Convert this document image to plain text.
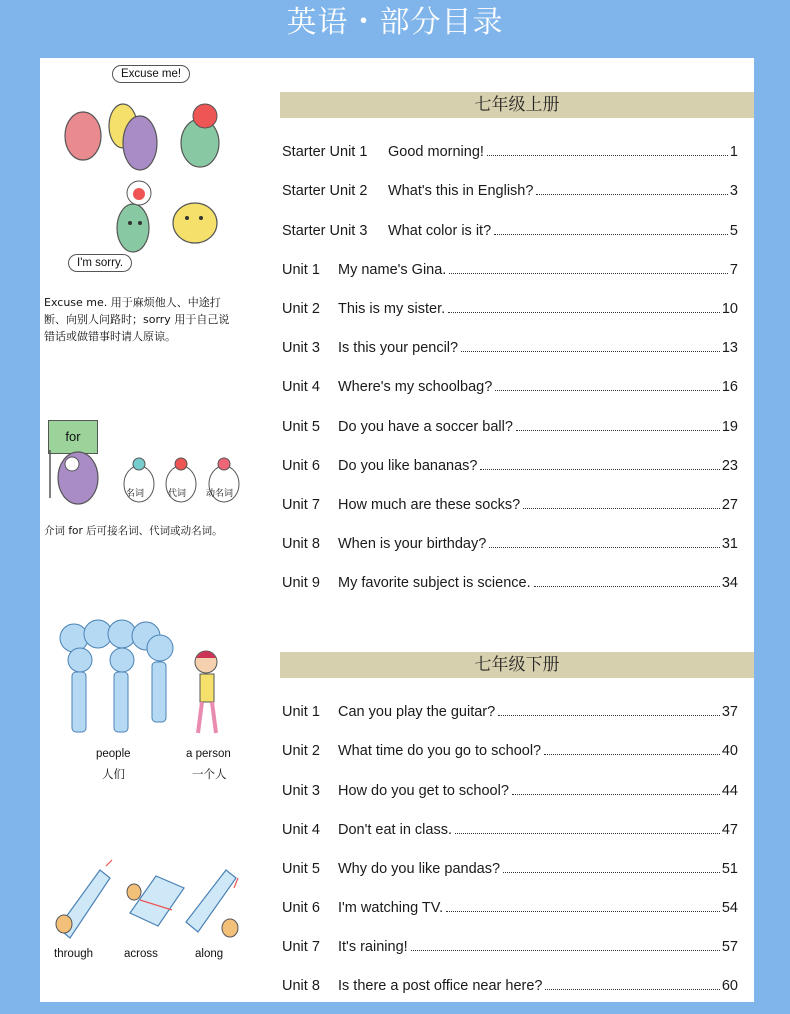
英语・部分目录
Excuse me!
I'm sorry.
Excuse me. 用于麻烦他人、中途打断、向别人问路时；sorry 用于自己说错话或做错事时请人原谅。
for
名词	代词 动名词
介词 for 后可接名词、代词或动名词。
people
人们
a person
一个人
through	across	along
七年级上册
Starter Unit 1	Good morning!	1
Starter Unit 2	What's this in English?	3
Starter Unit 3	What color is it?	5
Unit 1	My name's Gina.	7
Unit 2	This is my sister.	10
Unit 3	Is this your pencil?	13
Unit 4	Where's my schoolbag?	16
Unit 5	Do you have a soccer ball?	19
Unit 6	Do you like bananas?	23
Unit 7	How much are these socks?	27
Unit 8	When is your birthday?	31
Unit 9	My favorite subject is science.	34
七年级下册
Unit 1	Can you play the guitar?	37
Unit 2	What time do you go to school?	40
Unit 3	How do you get to school?	44
Unit 4	Don't eat in class.	47
Unit 5	Why do you like pandas?	51
Unit 6	I'm watching TV.	54
Unit 7	It's raining!	57
Unit 8	Is there a post office near here?	60
